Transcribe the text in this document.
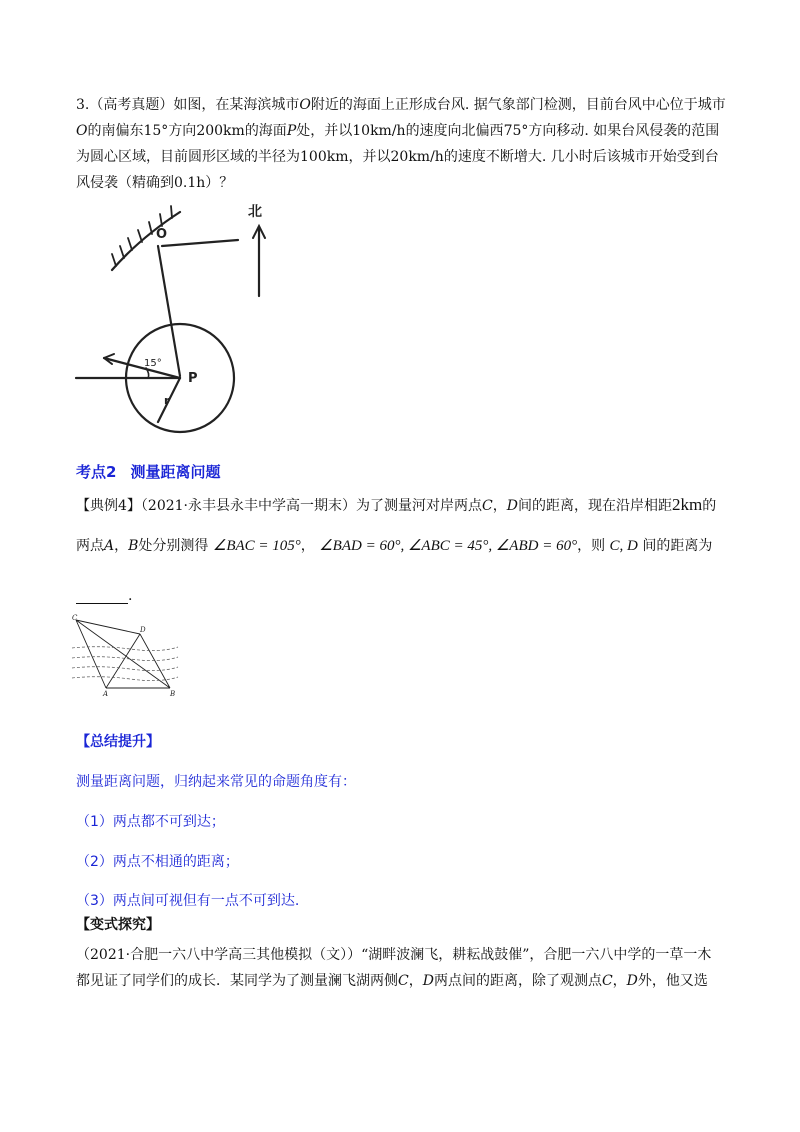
3.（高考真题）如图，在某海滨城市O附近的海面上正形成台风. 据气象部门检测，目前台风中心位于城市O的南偏东15°方向200km的海面P处，并以10km/h的速度向北偏西75°方向移动. 如果台风侵袭的范围为圆心区域，目前圆形区域的半径为100km，并以20km/h的速度不断增大. 几小时后该城市开始受到台风侵袭（精确到0.1h）？
15°
P
r
O
北
考点2 测量距离问题
【典例4】（2021·永丰县永丰中学高一期末）为了测量河对岸两点C，D间的距离，现在沿岸相距2km的
两点A，B处分别测得 ∠BAC = 105°， ∠BAD = 60°, ∠ABC = 45°, ∠ABD = 60°，则 C, D 间的距离为
.
C
D
A	B
【总结提升】
测量距离问题，归纳起来常见的命题角度有：
（1）两点都不可到达；
（2）两点不相通的距离；
（3）两点间可视但有一点不可到达.
【变式探究】
（2021·合肥一六八中学高三其他模拟（文））“湖畔波澜飞，耕耘战鼓催”，合肥一六八中学的一草一木
都见证了同学们的成长．某同学为了测量澜飞湖两侧C，D两点间的距离，除了观测点C，D外，他又选
